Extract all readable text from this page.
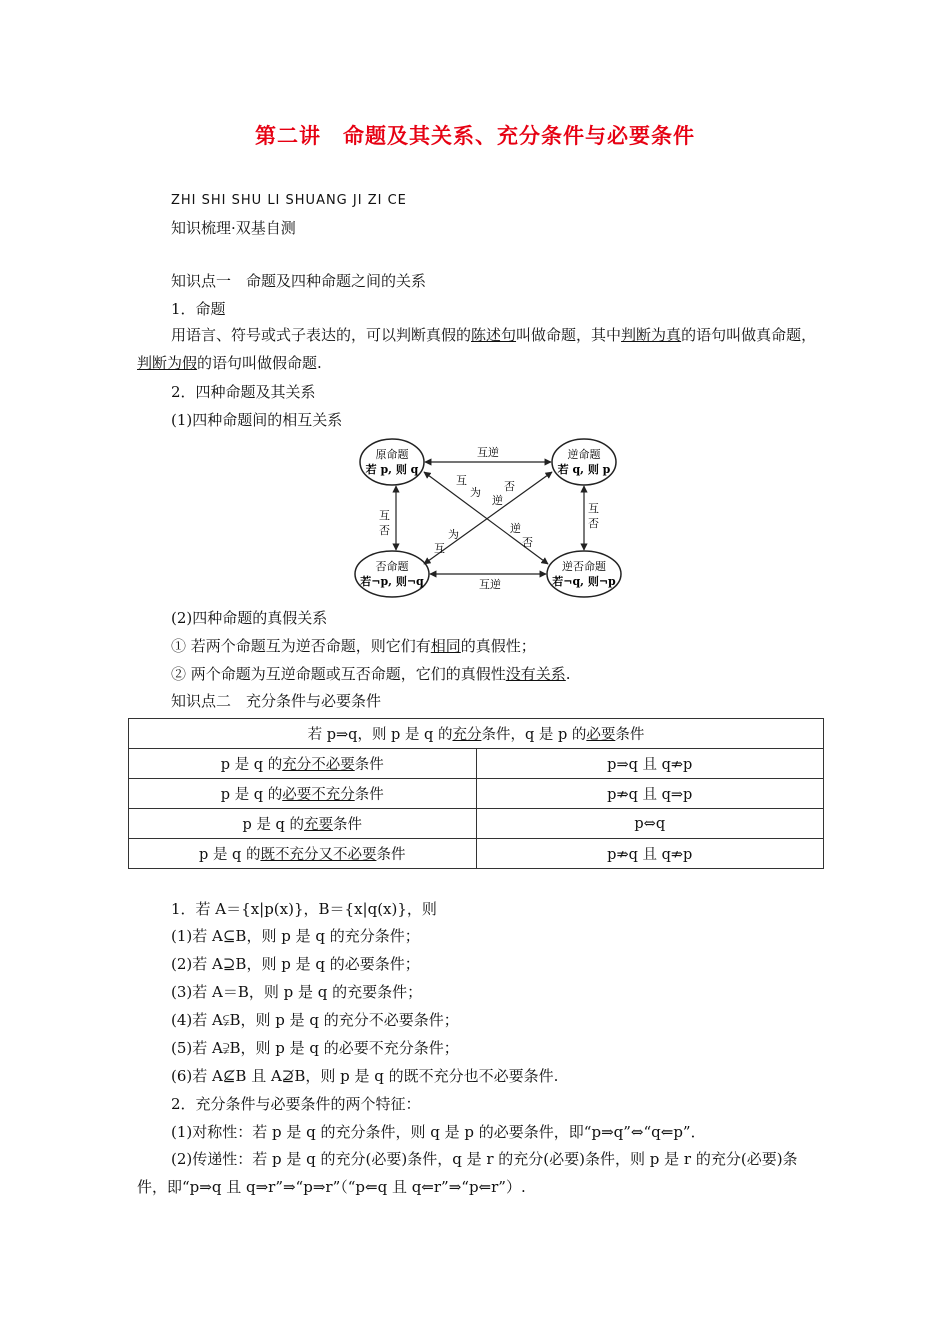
第二讲　命题及其关系、充分条件与必要条件
ZHI SHI SHU LI SHUANG JI ZI CE
知识梳理·双基自测
知识点一　命题及四种命题之间的关系
1．命题
用语言、符号或式子表达的，可以判断真假的陈述句叫做命题，其中判断为真的语句叫做真命题，判断为假的语句叫做假命题.
2．四种命题及其关系
(1)四种命题间的相互关系
原命题
若 p, 则 q
逆命题
若 q, 则 p
否命题
若¬p, 则¬q
逆否命题
若¬q, 则¬p
互逆
互逆
互
否
互
否
互
为
逆
否
为
互
逆
否
(2)四种命题的真假关系
① 若两个命题互为逆否命题，则它们有相同的真假性；
② 两个命题为互逆命题或互否命题，它们的真假性没有关系.
知识点二　充分条件与必要条件
若 p⇒q，则 p 是 q 的充分条件，q 是 p 的必要条件	
p 是 q 的充分不必要条件	p⇒q 且 q⇏p
p 是 q 的必要不充分条件	p⇏q 且 q⇒p
p 是 q 的充要条件	p⇔q
p 是 q 的既不充分又不必要条件	p⇏q 且 q⇏p
1．若 A＝{x|p(x)}，B＝{x|q(x)}，则
(1)若 A⊆B，则 p 是 q 的充分条件；
(2)若 A⊇B，则 p 是 q 的必要条件；
(3)若 A＝B，则 p 是 q 的充要条件；
(4)若 A⫋B，则 p 是 q 的充分不必要条件；
(5)若 A⫌B，则 p 是 q 的必要不充分条件；
(6)若 A⊈B 且 A⊉B，则 p 是 q 的既不充分也不必要条件.
2．充分条件与必要条件的两个特征：
(1)对称性：若 p 是 q 的充分条件，则 q 是 p 的必要条件，即“p⇒q”⇔“q⇐p”．
(2)传递性：若 p 是 q 的充分(必要)条件，q 是 r 的充分(必要)条件，则 p 是 r 的充分(必要)条件，即“p⇒q 且 q⇒r”⇒“p⇒r”（“p⇐q 且 q⇐r”⇒“p⇐r”）.
